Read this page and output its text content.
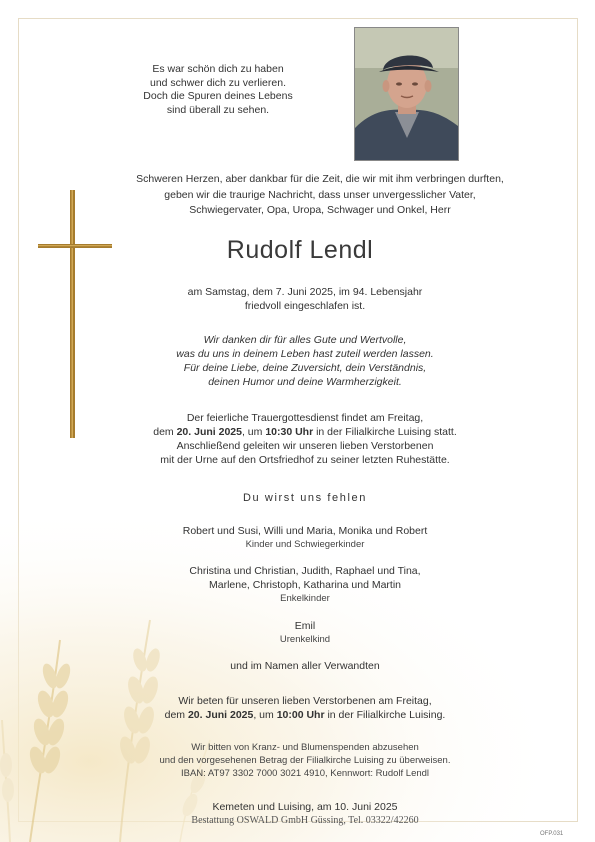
Es war schön dich zu haben
und schwer dich zu verlieren.
Doch die Spuren deines Lebens
sind überall zu sehen.
Schweren Herzen, aber dankbar für die Zeit, die wir mit ihm verbringen durften,
geben wir die traurige Nachricht, dass unser unvergesslicher Vater,
Schwiegervater, Opa, Uropa, Schwager und Onkel, Herr
Rudolf Lendl
am Samstag, dem 7. Juni 2025, im 94. Lebensjahr
friedvoll eingeschlafen ist.
Wir danken dir für alles Gute und Wertvolle,
was du uns in deinem Leben hast zuteil werden lassen.
Für deine Liebe, deine Zuversicht, dein Verständnis,
deinen Humor und deine Warmherzigkeit.
Der feierliche Trauergottesdienst findet am Freitag,
dem 20. Juni 2025, um 10:30 Uhr in der Filialkirche Luising statt.
Anschließend geleiten wir unseren lieben Verstorbenen
mit der Urne auf den Ortsfriedhof zu seiner letzten Ruhestätte.
Du wirst uns fehlen
Robert und Susi, Willi und Maria, Monika und Robert
Kinder und Schwiegerkinder
Christina und Christian, Judith, Raphael und Tina,
Marlene, Christoph, Katharina und Martin
Enkelkinder
Emil
Urenkelkind
und im Namen aller Verwandten
Wir beten für unseren lieben Verstorbenen am Freitag,
dem 20. Juni 2025, um 10:00 Uhr in der Filialkirche Luising.
Wir bitten von Kranz- und Blumenspenden abzusehen
und den vorgesehenen Betrag der Filialkirche Luising zu überweisen.
IBAN: AT97 3302 7000 3021 4910, Kennwort: Rudolf Lendl
Kemeten und Luising, am 10. Juni 2025
Bestattung OSWALD GmbH Güssing, Tel. 03322/42260
OFP.031
